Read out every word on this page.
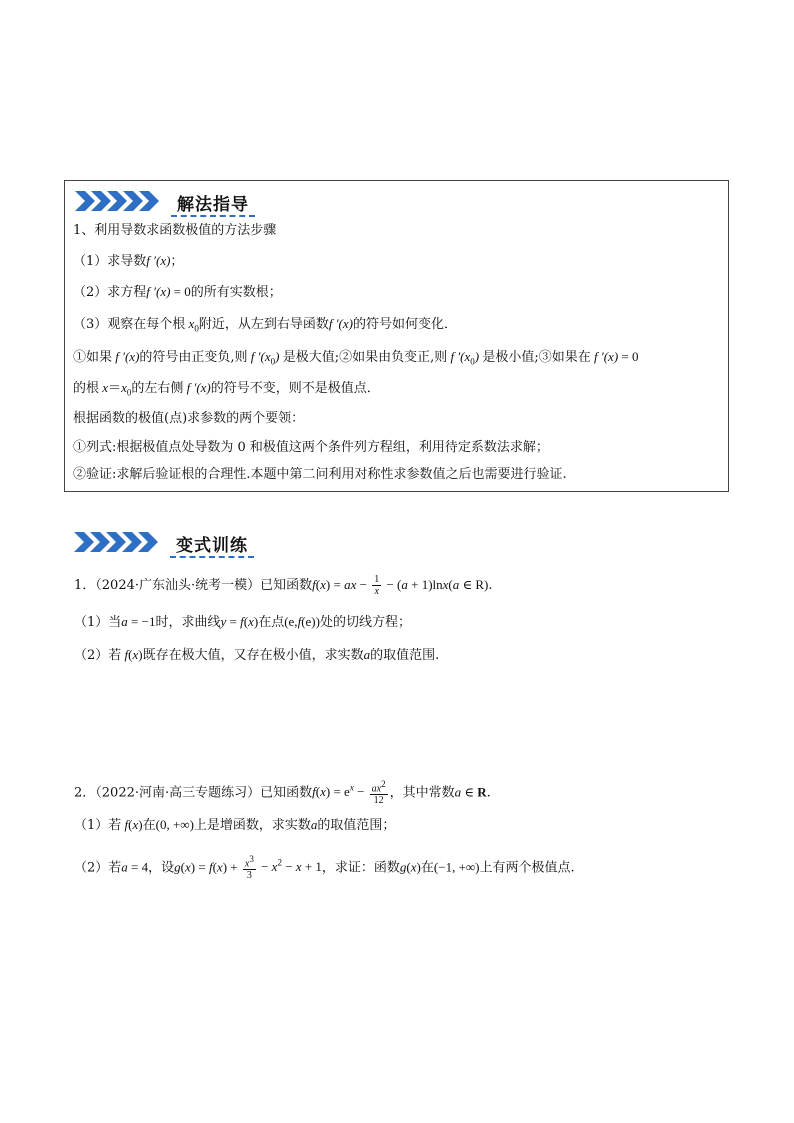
解法指导
1、利用导数求函数极值的方法步骤
（1）求导数f ′(x)；
（2）求方程f ′(x) = 0的所有实数根；
（3）观察在每个根 $x_0$附近，从左到右导函数f ′(x)的符号如何变化．
①如果 f ′(x)的符号由正变负,则 f $'(x_0)$ 是极大值;②如果由负变正,则 f $'(x_0)$ 是极小值;③如果在 f ′(x) = 0
的根 $x=x_0$的左右侧 f ′(x)的符号不变，则不是极值点．
根据函数的极值(点)求参数的两个要领：
①列式:根据极值点处导数为 0 和极值这两个条件列方程组，利用待定系数法求解；
②验证:求解后验证根的合理性.本题中第二问利用对称性求参数值之后也需要进行验证.
变式训练
1．（2024·广东汕头·统考一模）已知函数f(x) = ax − $\frac{1}{x} - (a + 1)\ln x(a$ ∈ R).
（1）当a = −1时，求曲线y = f(x)在点(e,f(e))处的切线方程；
（2）若 f(x)既存在极大值，又存在极小值，求实数a的取值范围.
2．（2022·河南·高三专题练习）已知函数$f(x) = e^x - \frac{ax^2}{12}$ ，其中常数a ∈ R.
（1）若 f(x)在(0, +∞)上是增函数，求实数a的取值范围；
（2）若a = 4，设$g(x) = f(x) + \frac{x^3}{3} - x^2 - x + 1$，求证：函数g(x)在(−1, +∞)上有两个极值点.
